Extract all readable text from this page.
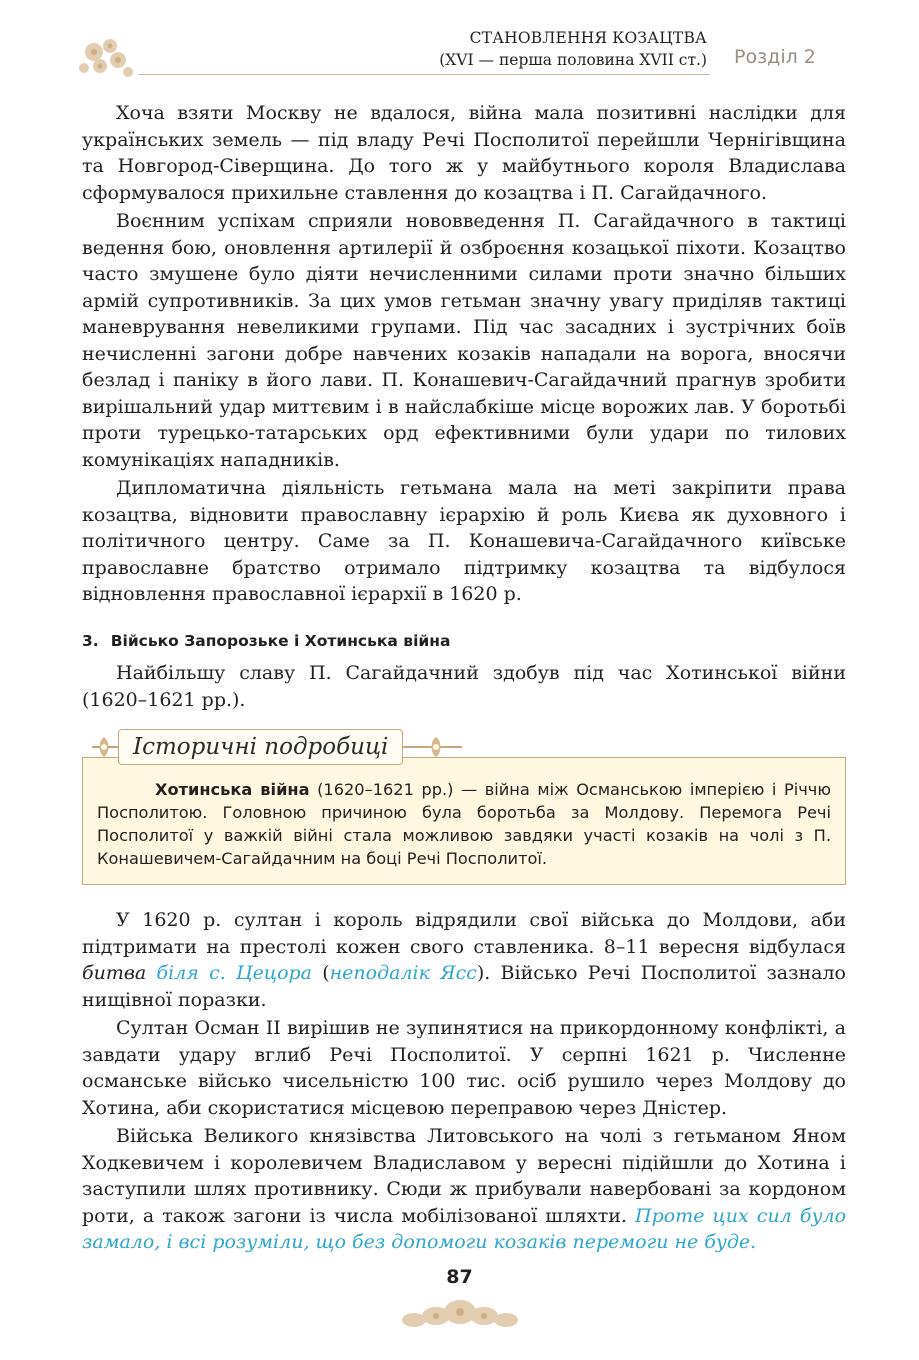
СТАНОВЛЕННЯ КОЗАЦТВА
(XVI — перша половина XVII ст.) Розділ 2

Хоча взяти Москву не вдалося, війна мала позитивні наслідки для українських земель — під владу Речі Посполитої перейшли Чернігівщина та Новгород-Сіверщина. До того ж у майбутнього короля Владислава сформувалося прихильне ставлення до козацтва і П. Сагайдачного.

Воєнним успіхам сприяли нововведення П. Сагайдачного в тактиці ведення бою, оновлення артилерії й озброєння козацької піхоти. Козацтво часто змушене було діяти нечисленними силами проти значно більших армій супротивників. За цих умов гетьман значну увагу приділяв тактиці маневрування невеликими групами. Під час засадних і зустрічних боїв нечисленні загони добре навчених козаків нападали на ворога, вносячи безлад і паніку в його лави. П. Конашевич-Сагайдачний прагнув зробити вирішальний удар миттєвим і в найслабкіше місце ворожих лав. У боротьбі проти турецько-татарських орд ефективними були удари по тилових комунікаціях нападників.

Дипломатична діяльність гетьмана мала на меті закріпити права козацтва, відновити православну ієрархію й роль Києва як духовного і політичного центру. Саме за П. Конашевича-Сагайдачного київське православне братство отримало підтримку козацтва та відбулося відновлення православної ієрархії в 1620 р.

3. Військо Запорозьке і Хотинська війна

Найбільшу славу П. Сагайдачний здобув під час Хотинської війни (1620–1621 рр.).

Історичні подробиці

Хотинська війна (1620–1621 рр.) — війна між Османською імперією і Річчю Посполитою. Головною причиною була боротьба за Молдову. Перемога Речі Посполитої у важкій війні стала можливою завдяки участі козаків на чолі з П. Конашевичем-Сагайдачним на боці Речі Посполитої.

У 1620 р. султан і король відрядили свої війська до Молдови, аби підтримати на престолі кожен свого ставленика. 8–11 вересня відбулася битва біля с. Цецора (неподалік Ясс). Військо Речі Посполитої зазнало нищівної поразки.

Султан Осман II вирішив не зупинятися на прикордонному конфлікті, а завдати удару вглиб Речі Посполитої. У серпні 1621 р. Численне османське військо чисельністю 100 тис. осіб рушило через Молдову до Хотина, аби скористатися місцевою переправою через Дністер.

Війська Великого князівства Литовського на чолі з гетьманом Яном Ходкевичем і королевичем Владиславом у вересні підійшли до Хотина і заступили шлях противнику. Сюди ж прибували навербовані за кордоном роти, а також загони із числа мобілізованої шляхти. Проте цих сил було замало, і всі розуміли, що без допомоги козаків перемоги не буде.

87
